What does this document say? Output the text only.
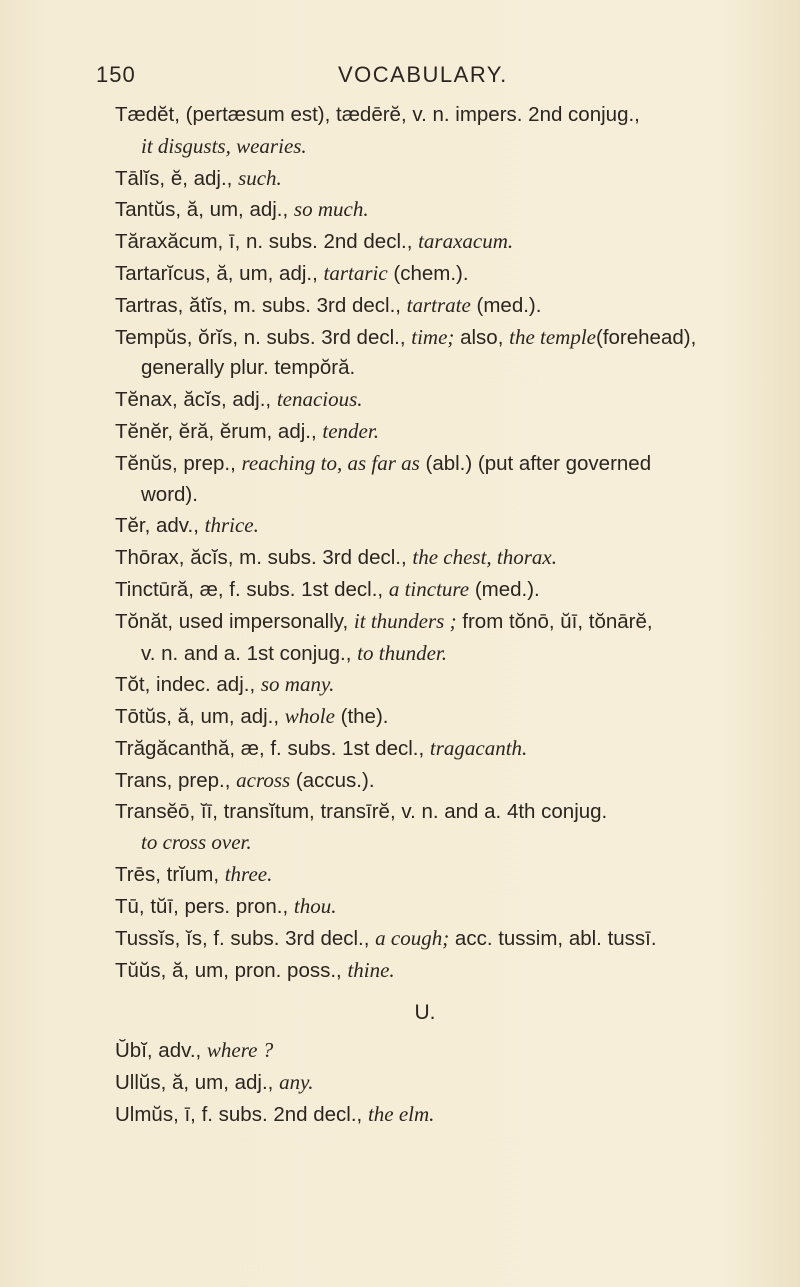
150	VOCABULARY.
Tædĕt, (pertæsum est), tædērĕ, v. n. impers. 2nd conjug.,
it disgusts, wearies.
Tālĭs, ĕ, adj., such.
Tantŭs, ă, um, adj., so much.
Tăraxăcum, ī, n. subs. 2nd decl., taraxacum.
Tartarĭcus, ă, um, adj., tartaric (chem.).
Tartras, ătĭs, m. subs. 3rd decl., tartrate (med.).
Tempŭs, ŏrĭs, n. subs. 3rd decl., time; also, the temple(forehead),
generally plur. tempŏră.
Tĕnax, ăcĭs, adj., tenacious.
Tĕnĕr, ĕră, ĕrum, adj., tender.
Tĕnŭs, prep., reaching to, as far as (abl.) (put after governed
word).
Tĕr, adv., thrice.
Thōrax, ăcĭs, m. subs. 3rd decl., the chest, thorax.
Tinctūră, æ, f. subs. 1st decl., a tincture (med.).
Tŏnăt, used impersonally, it thunders ; from tŏnō, ŭī, tŏnārĕ,
v. n. and a. 1st conjug., to thunder.
Tŏt, indec. adj., so many.
Tōtŭs, ă, um, adj., whole (the).
Trăgăcanthă, æ, f. subs. 1st decl., tragacanth.
Trans, prep., across (accus.).
Transĕō, ĭī, transĭtum, transīrĕ, v. n. and a. 4th conjug.
to cross over.
Trēs, trĭum, three.
Tū, tŭī, pers. pron., thou.
Tussĭs, ĭs, f. subs. 3rd decl., a cough; acc. tussim, abl. tussī.
Tŭŭs, ă, um, pron. poss., thine.
U.
Ŭbĭ, adv., where ?
Ullŭs, ă, um, adj., any.
Ulmŭs, ī, f. subs. 2nd decl., the elm.
